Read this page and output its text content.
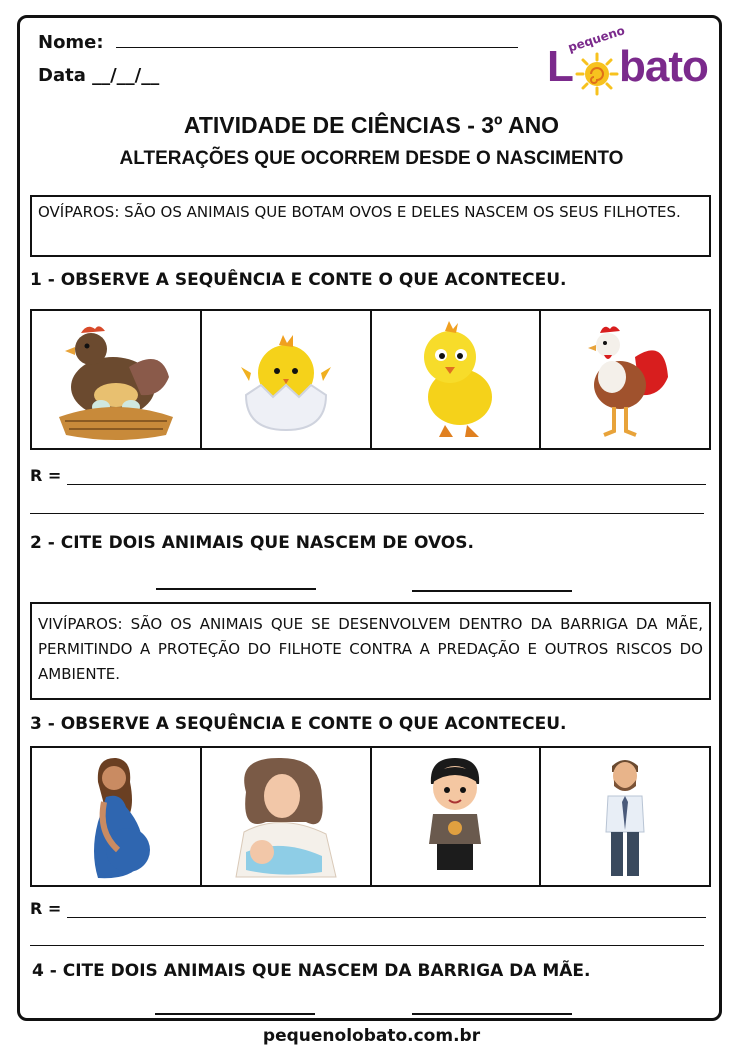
Nome:
Data __/__/__
pequeno
L bato
ATIVIDADE DE CIÊNCIAS - 3º ANO
ALTERAÇÕES QUE OCORREM DESDE O NASCIMENTO
OVÍPAROS: SÃO OS ANIMAIS QUE BOTAM OVOS E DELES NASCEM OS SEUS FILHOTES.
1 - OBSERVE A SEQUÊNCIA E CONTE O QUE ACONTECEU.
R =
2 - CITE DOIS ANIMAIS QUE NASCEM DE OVOS.
VIVÍPAROS: SÃO OS ANIMAIS QUE SE DESENVOLVEM DENTRO DA BARRIGA DA MÃE, PERMITINDO A PROTEÇÃO DO FILHOTE CONTRA A PREDAÇÃO E OUTROS RISCOS DO AMBIENTE.
3 - OBSERVE A SEQUÊNCIA E CONTE O QUE ACONTECEU.
R =
4 - CITE DOIS ANIMAIS QUE NASCEM DA BARRIGA DA MÃE.
pequenolobato.com.br
